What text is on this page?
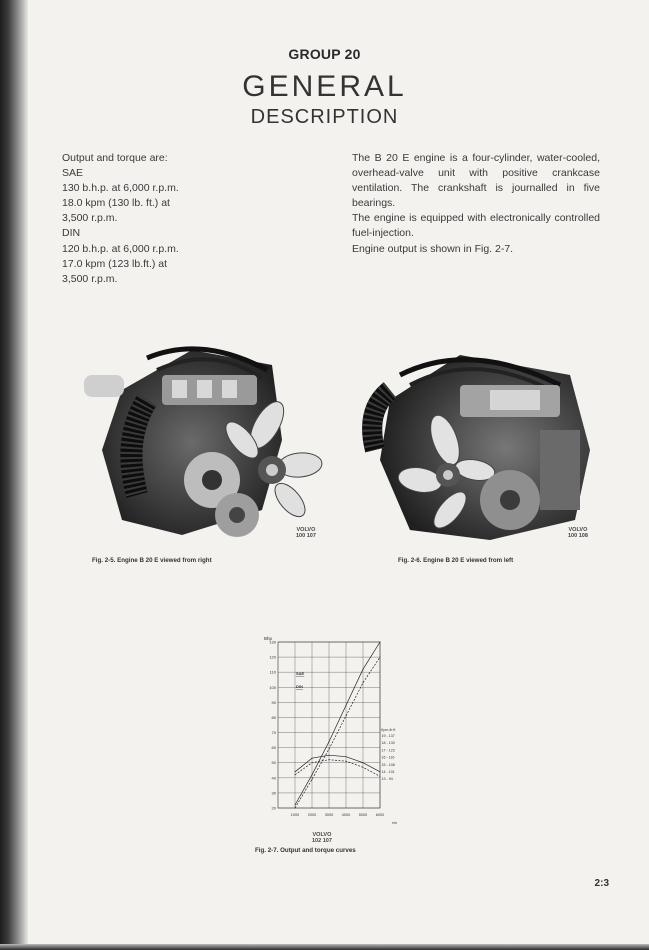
GROUP 20
GENERAL
DESCRIPTION
Output and torque are:
SAE
130 b.h.p. at 6,000 r.p.m.
18.0 kpm (130 lb. ft.) at
3,500 r.p.m.
DIN
120 b.h.p. at 6,000 r.p.m.
17.0 kpm (123 lb.ft.) at
3,500 r.p.m.

The B 20 E engine is a four-cylinder, water-cooled, overhead-valve unit with positive crankcase ventilation. The crankshaft is journalled in five bearings.

The engine is equipped with electronically controlled fuel-injection.

Engine output is shown in Fig. 2-7.

VOLVO
100 107
VOLVO
100 108
Fig. 2-5. Engine B 20 E viewed from right	Fig. 2-6. Engine B 20 E viewed from left
20
30
40
50
60
70
80
90
100
110
120
130
1000 2000 3000 4000 5000 6000
19 - 137
18 - 130
17 - 123
16 - 116
15 - 108
14 - 101
13 - 94
Bhp
Kpm-lb ft
r/m
SAE
DIN
VOLVO
102 107
Fig. 2-7. Output and torque curves
2:3
